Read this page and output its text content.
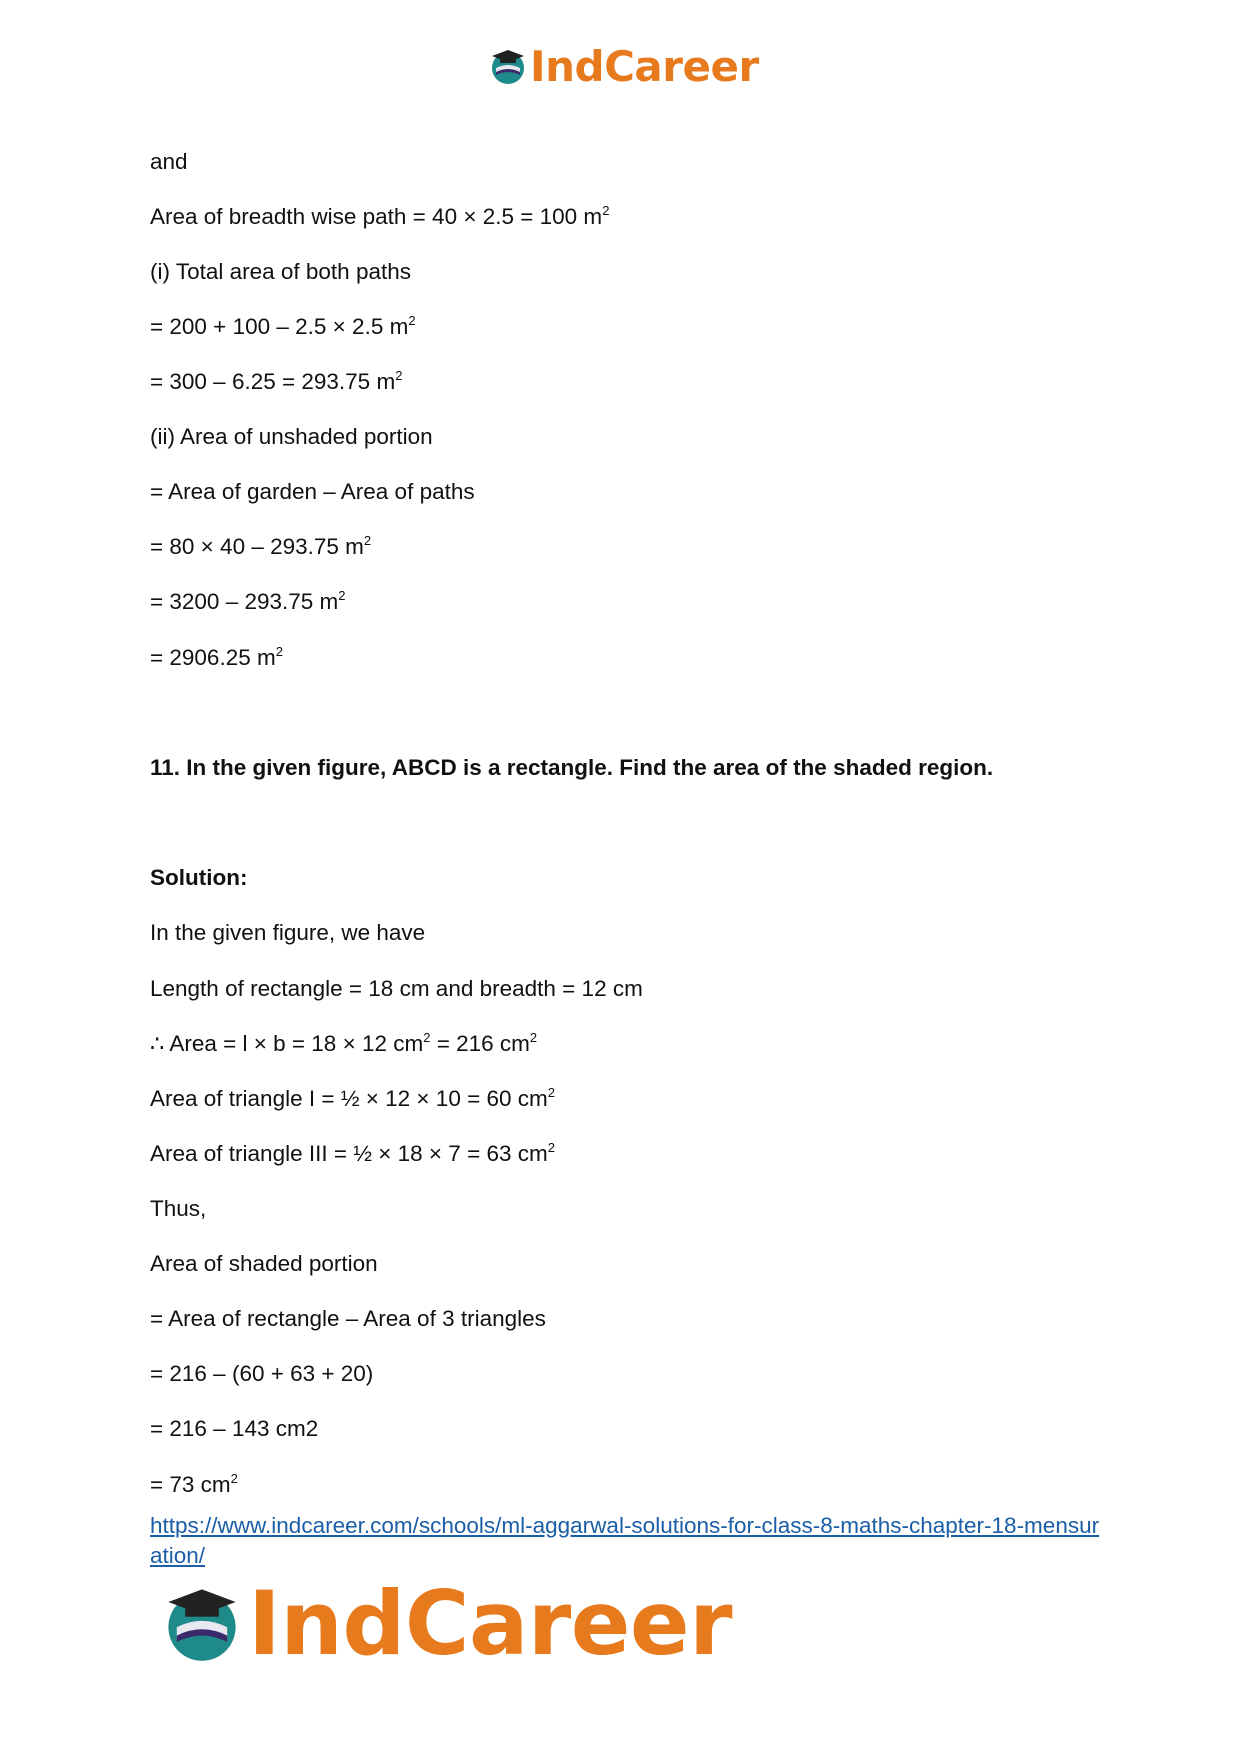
IndCareer
and
Area of breadth wise path = 40 × 2.5 = 100 $m^2$
(i) Total area of both paths
= 200 + 100 – 2.5 × 2.5 $m^2$
= 300 – 6.25 = 293.75 $m^2$
(ii) Area of unshaded portion
= Area of garden – Area of paths
= 80 × 40 – 293.75 $m^2$
= 3200 – 293.75 $m^2$
= 2906.25 $m^2$
11. In the given figure, ABCD is a rectangle. Find the area of the shaded region.
Solution:
In the given figure, we have
Length of rectangle = 18 cm and breadth = 12 cm
∴ Area = l × b = 18 × 12 $cm^2 = 216$ $cm^2$
Area of triangle I = ½ × 12 × 10 = 60 $cm^2$
Area of triangle III = ½ × 18 × 7 = 63 $cm^2$
Thus,
Area of shaded portion
= Area of rectangle – Area of 3 triangles
= 216 – (60 + 63 + 20)
= 216 – 143 cm2
= 73 $cm^2$
https://www.indcareer.com/schools/ml-aggarwal-solutions-for-class-8-maths-chapter-18-mensuration/
IndCareer
